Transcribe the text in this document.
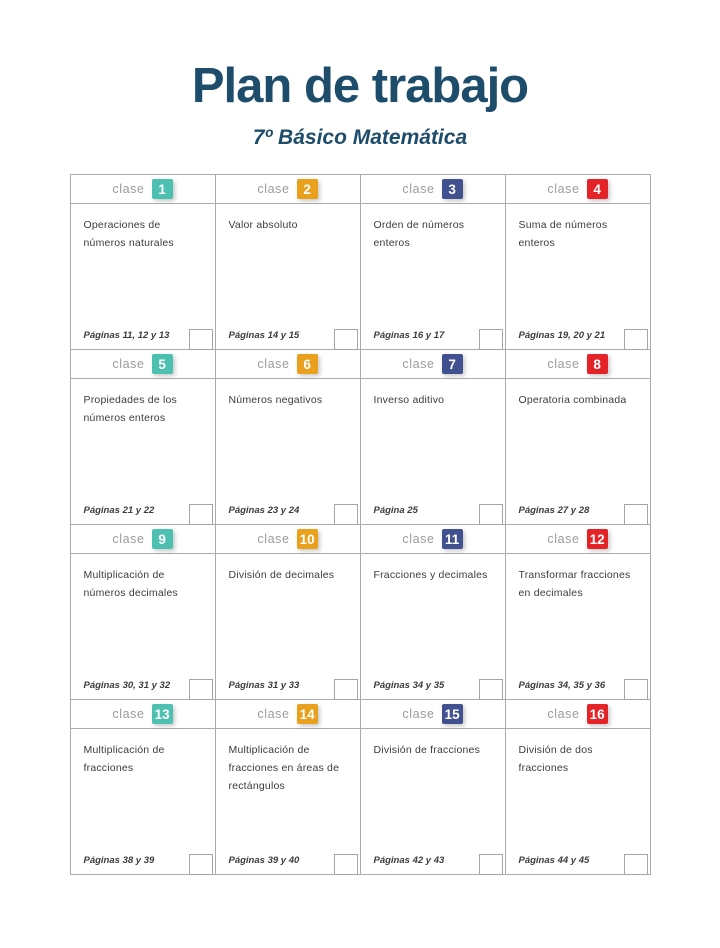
Plan de trabajo
7º Básico Matemática
clase	1

Operaciones de números naturales

Páginas 11, 12 y 13
clase	2

Valor absoluto

Páginas 14 y 15
clase	3

Orden de números enteros

Páginas 16 y 17
clase	4

Suma de números enteros

Páginas 19, 20 y 21
clase	5

Propiedades de los números enteros

Páginas 21 y 22
clase	6

Números negativos

Páginas 23 y 24
clase	7

Inverso aditivo

Página 25
clase	8

Operatoria combinada

Páginas 27 y 28
clase	9

Multiplicación de números decimales

Páginas 30, 31 y 32
clase 10

División de decimales

Páginas 31 y 33
clase 11

Fracciones y decimales

Páginas 34 y 35
clase 12

Transformar fracciones en decimales

Páginas 34, 35 y 36
clase 13

Multiplicación de fracciones

Páginas 38 y 39
clase 14

Multiplicación de fracciones en áreas de rectángulos

Páginas 39 y 40
clase 15

División de fracciones

Páginas 42 y 43
clase 16

División de dos fracciones

Páginas 44 y 45
